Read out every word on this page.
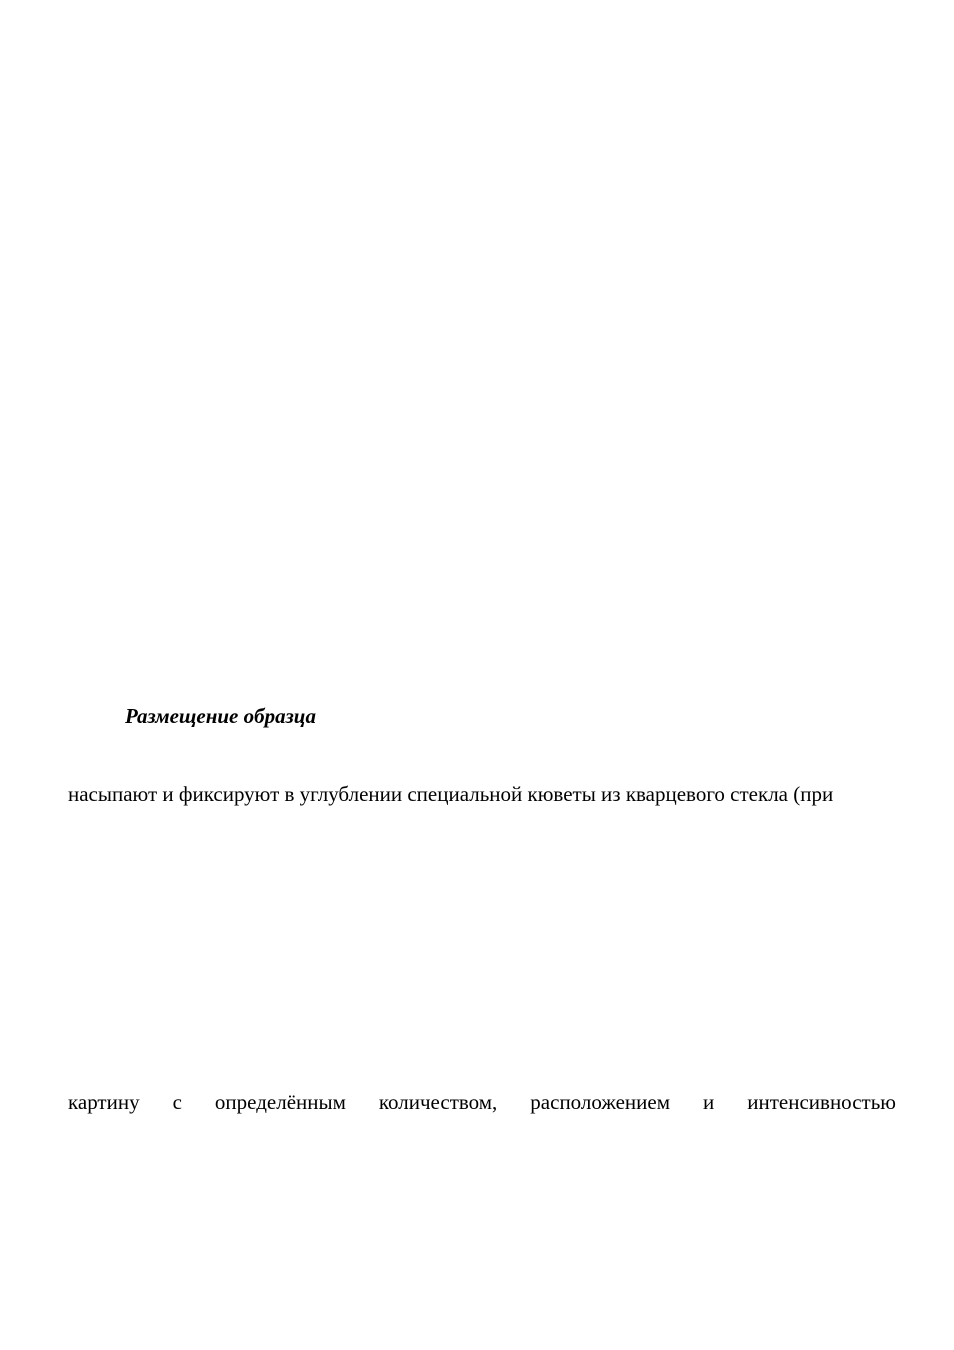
Размещение образца
насыпают и фиксируют в углублении специальной кюветы из кварцевого стекла (при
картину с определённым количеством, расположением и интенсивностью
